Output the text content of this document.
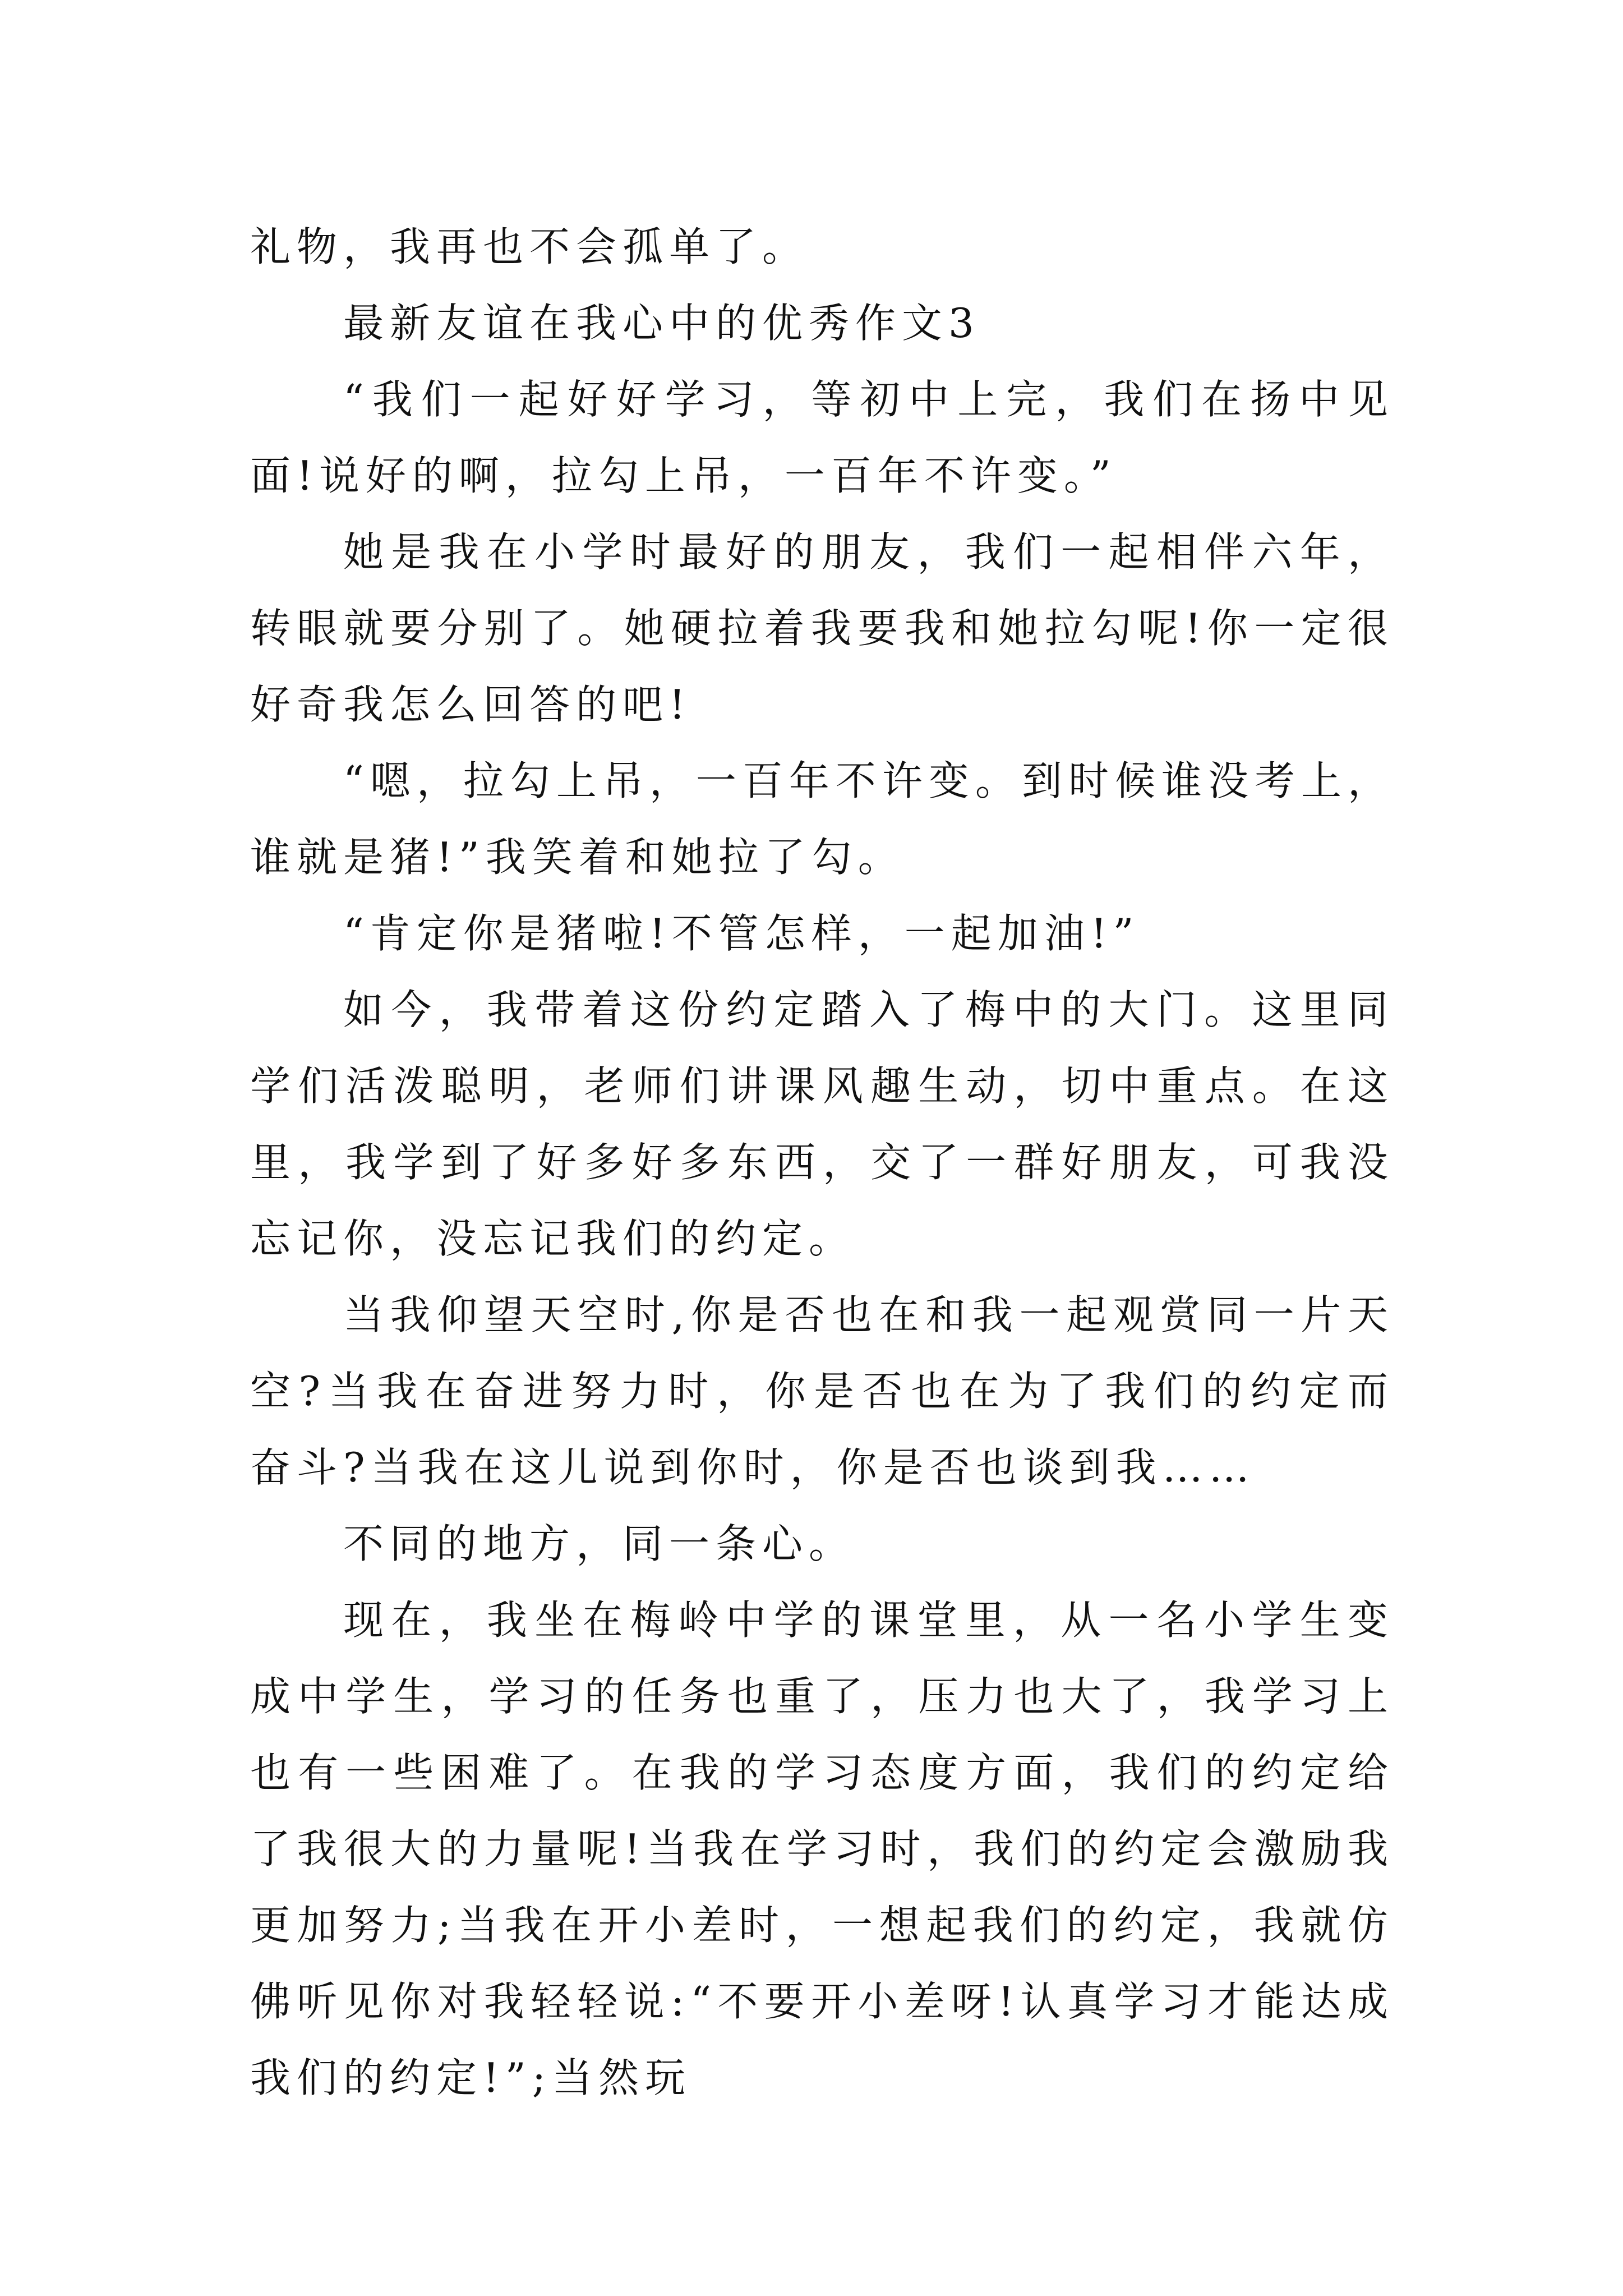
礼物，我再也不会孤单了。

最新友谊在我心中的优秀作文3

“我们一起好好学习，等初中上完，我们在扬中见面!说好的啊，拉勾上吊，一百年不许变。”

她是我在小学时最好的朋友，我们一起相伴六年，转眼就要分别了。她硬拉着我要我和她拉勾呢!你一定很好奇我怎么回答的吧!

“嗯，拉勾上吊，一百年不许变。到时候谁没考上，谁就是猪!”我笑着和她拉了勾。

“肯定你是猪啦!不管怎样，一起加油!”

如今，我带着这份约定踏入了梅中的大门。这里同学们活泼聪明，老师们讲课风趣生动，切中重点。在这里，我学到了好多好多东西，交了一群好朋友，可我没忘记你，没忘记我们的约定。

当我仰望天空时,你是否也在和我一起观赏同一片天空?当我在奋进努力时，你是否也在为了我们的约定而奋斗?当我在这儿说到你时，你是否也谈到我……

不同的地方，同一条心。

现在，我坐在梅岭中学的课堂里，从一名小学生变成中学生，学习的任务也重了，压力也大了，我学习上也有一些困难了。在我的学习态度方面，我们的约定给了我很大的力量呢!当我在学习时，我们的约定会激励我更加努力;当我在开小差时，一想起我们的约定，我就仿佛听见你对我轻轻说:“不要开小差呀!认真学习才能达成我们的约定!”;当然玩
